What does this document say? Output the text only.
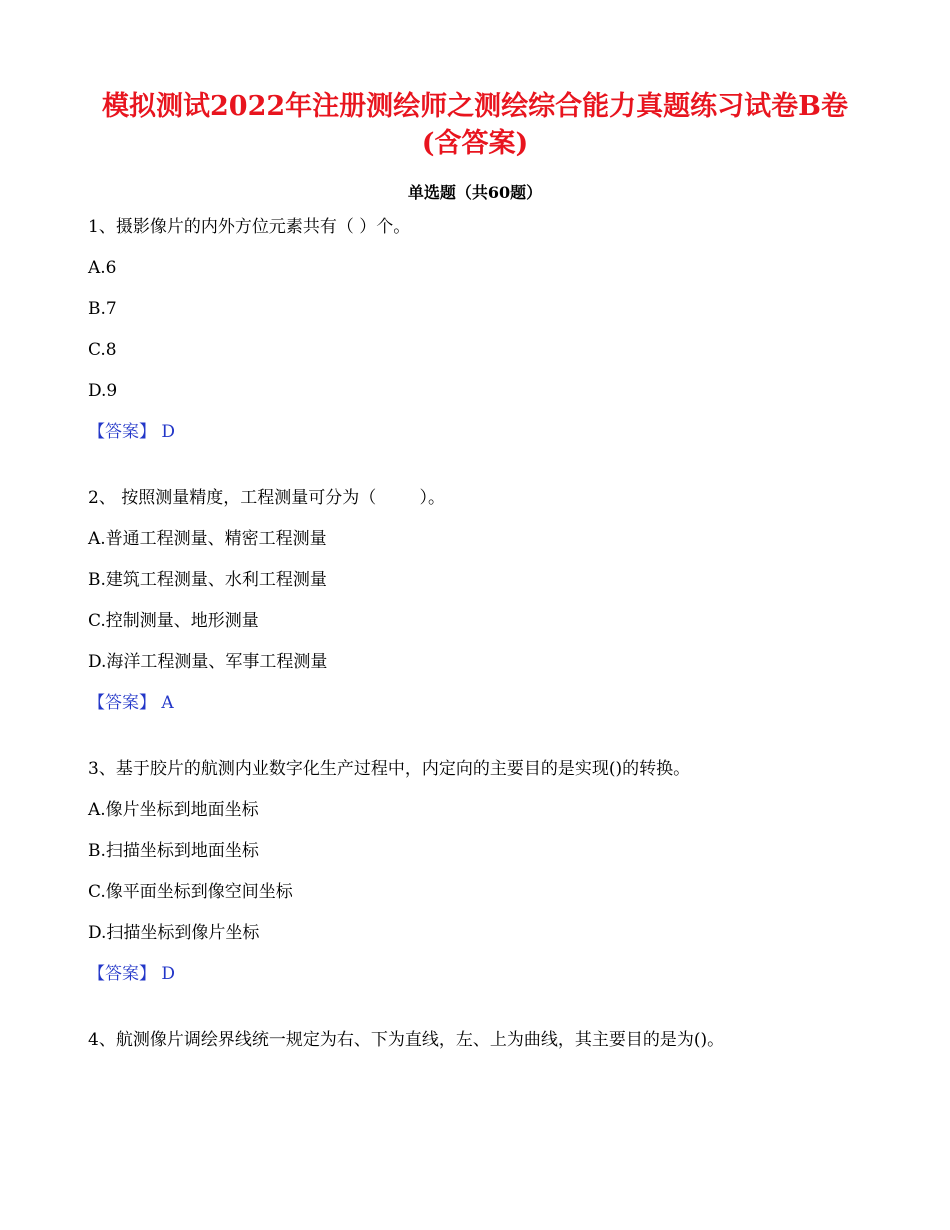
模拟测试2022年注册测绘师之测绘综合能力真题练习试卷B卷
(含答案)
单选题（共60题）
1、摄影像片的内外方位元素共有（ ）个。
A.6
B.7
C.8
D.9
【答案】 D
2、 按照测量精度，工程测量可分为（        ）。
A.普通工程测量、精密工程测量
B.建筑工程测量、水利工程测量
C.控制测量、地形测量
D.海洋工程测量、军事工程测量
【答案】 A
3、基于胶片的航测内业数字化生产过程中，内定向的主要目的是实现()的转换。
A.像片坐标到地面坐标
B.扫描坐标到地面坐标
C.像平面坐标到像空间坐标
D.扫描坐标到像片坐标
【答案】 D
4、航测像片调绘界线统一规定为右、下为直线，左、上为曲线，其主要目的是为()。
